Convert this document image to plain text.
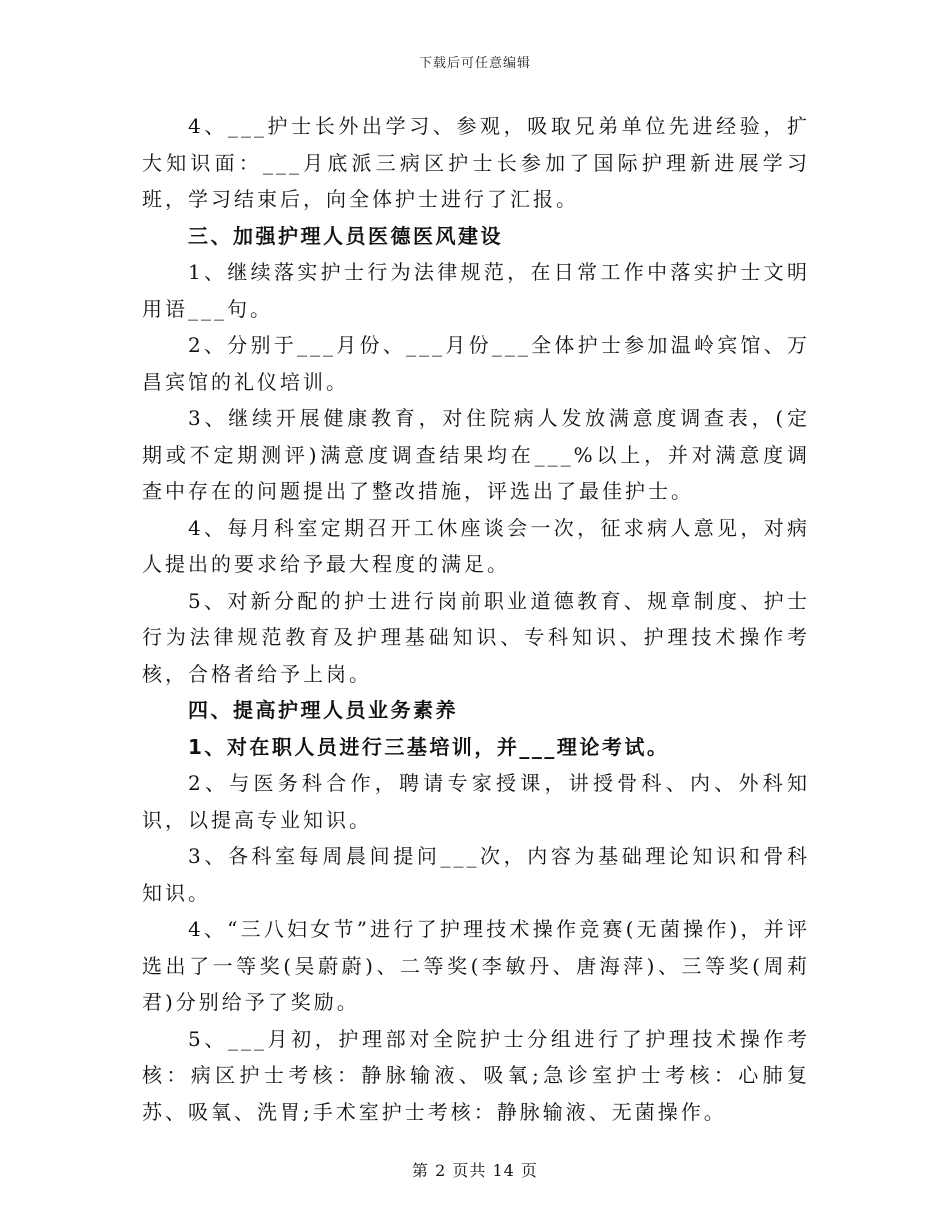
下载后可任意编辑

4、___护士长外出学习、参观，吸取兄弟单位先进经验，扩大知识面：___月底派三病区护士长参加了国际护理新进展学习班，学习结束后，向全体护士进行了汇报。

三、加强护理人员医德医风建设

1、继续落实护士行为法律规范，在日常工作中落实护士文明用语___句。

2、分别于___月份、___月份___全体护士参加温岭宾馆、万昌宾馆的礼仪培训。

3、继续开展健康教育，对住院病人发放满意度调查表，(定期或不定期测评)满意度调查结果均在___%以上，并对满意度调查中存在的问题提出了整改措施，评选出了最佳护士。

4、每月科室定期召开工休座谈会一次，征求病人意见，对病人提出的要求给予最大程度的满足。

5、对新分配的护士进行岗前职业道德教育、规章制度、护士行为法律规范教育及护理基础知识、专科知识、护理技术操作考核，合格者给予上岗。

四、提高护理人员业务素养

1、对在职人员进行三基培训，并___理论考试。

2、与医务科合作，聘请专家授课，讲授骨科、内、外科知识，以提高专业知识。

3、各科室每周晨间提问___次，内容为基础理论知识和骨科知识。

4、“三八妇女节”进行了护理技术操作竞赛(无菌操作)，并评选出了一等奖(吴蔚蔚)、二等奖(李敏丹、唐海萍)、三等奖(周莉君)分别给予了奖励。

5、___月初，护理部对全院护士分组进行了护理技术操作考核：病区护士考核：静脉输液、吸氧;急诊室护士考核：心肺复苏、吸氧、洗胃;手术室护士考核：静脉输液、无菌操作。

第 2 页共 14 页
